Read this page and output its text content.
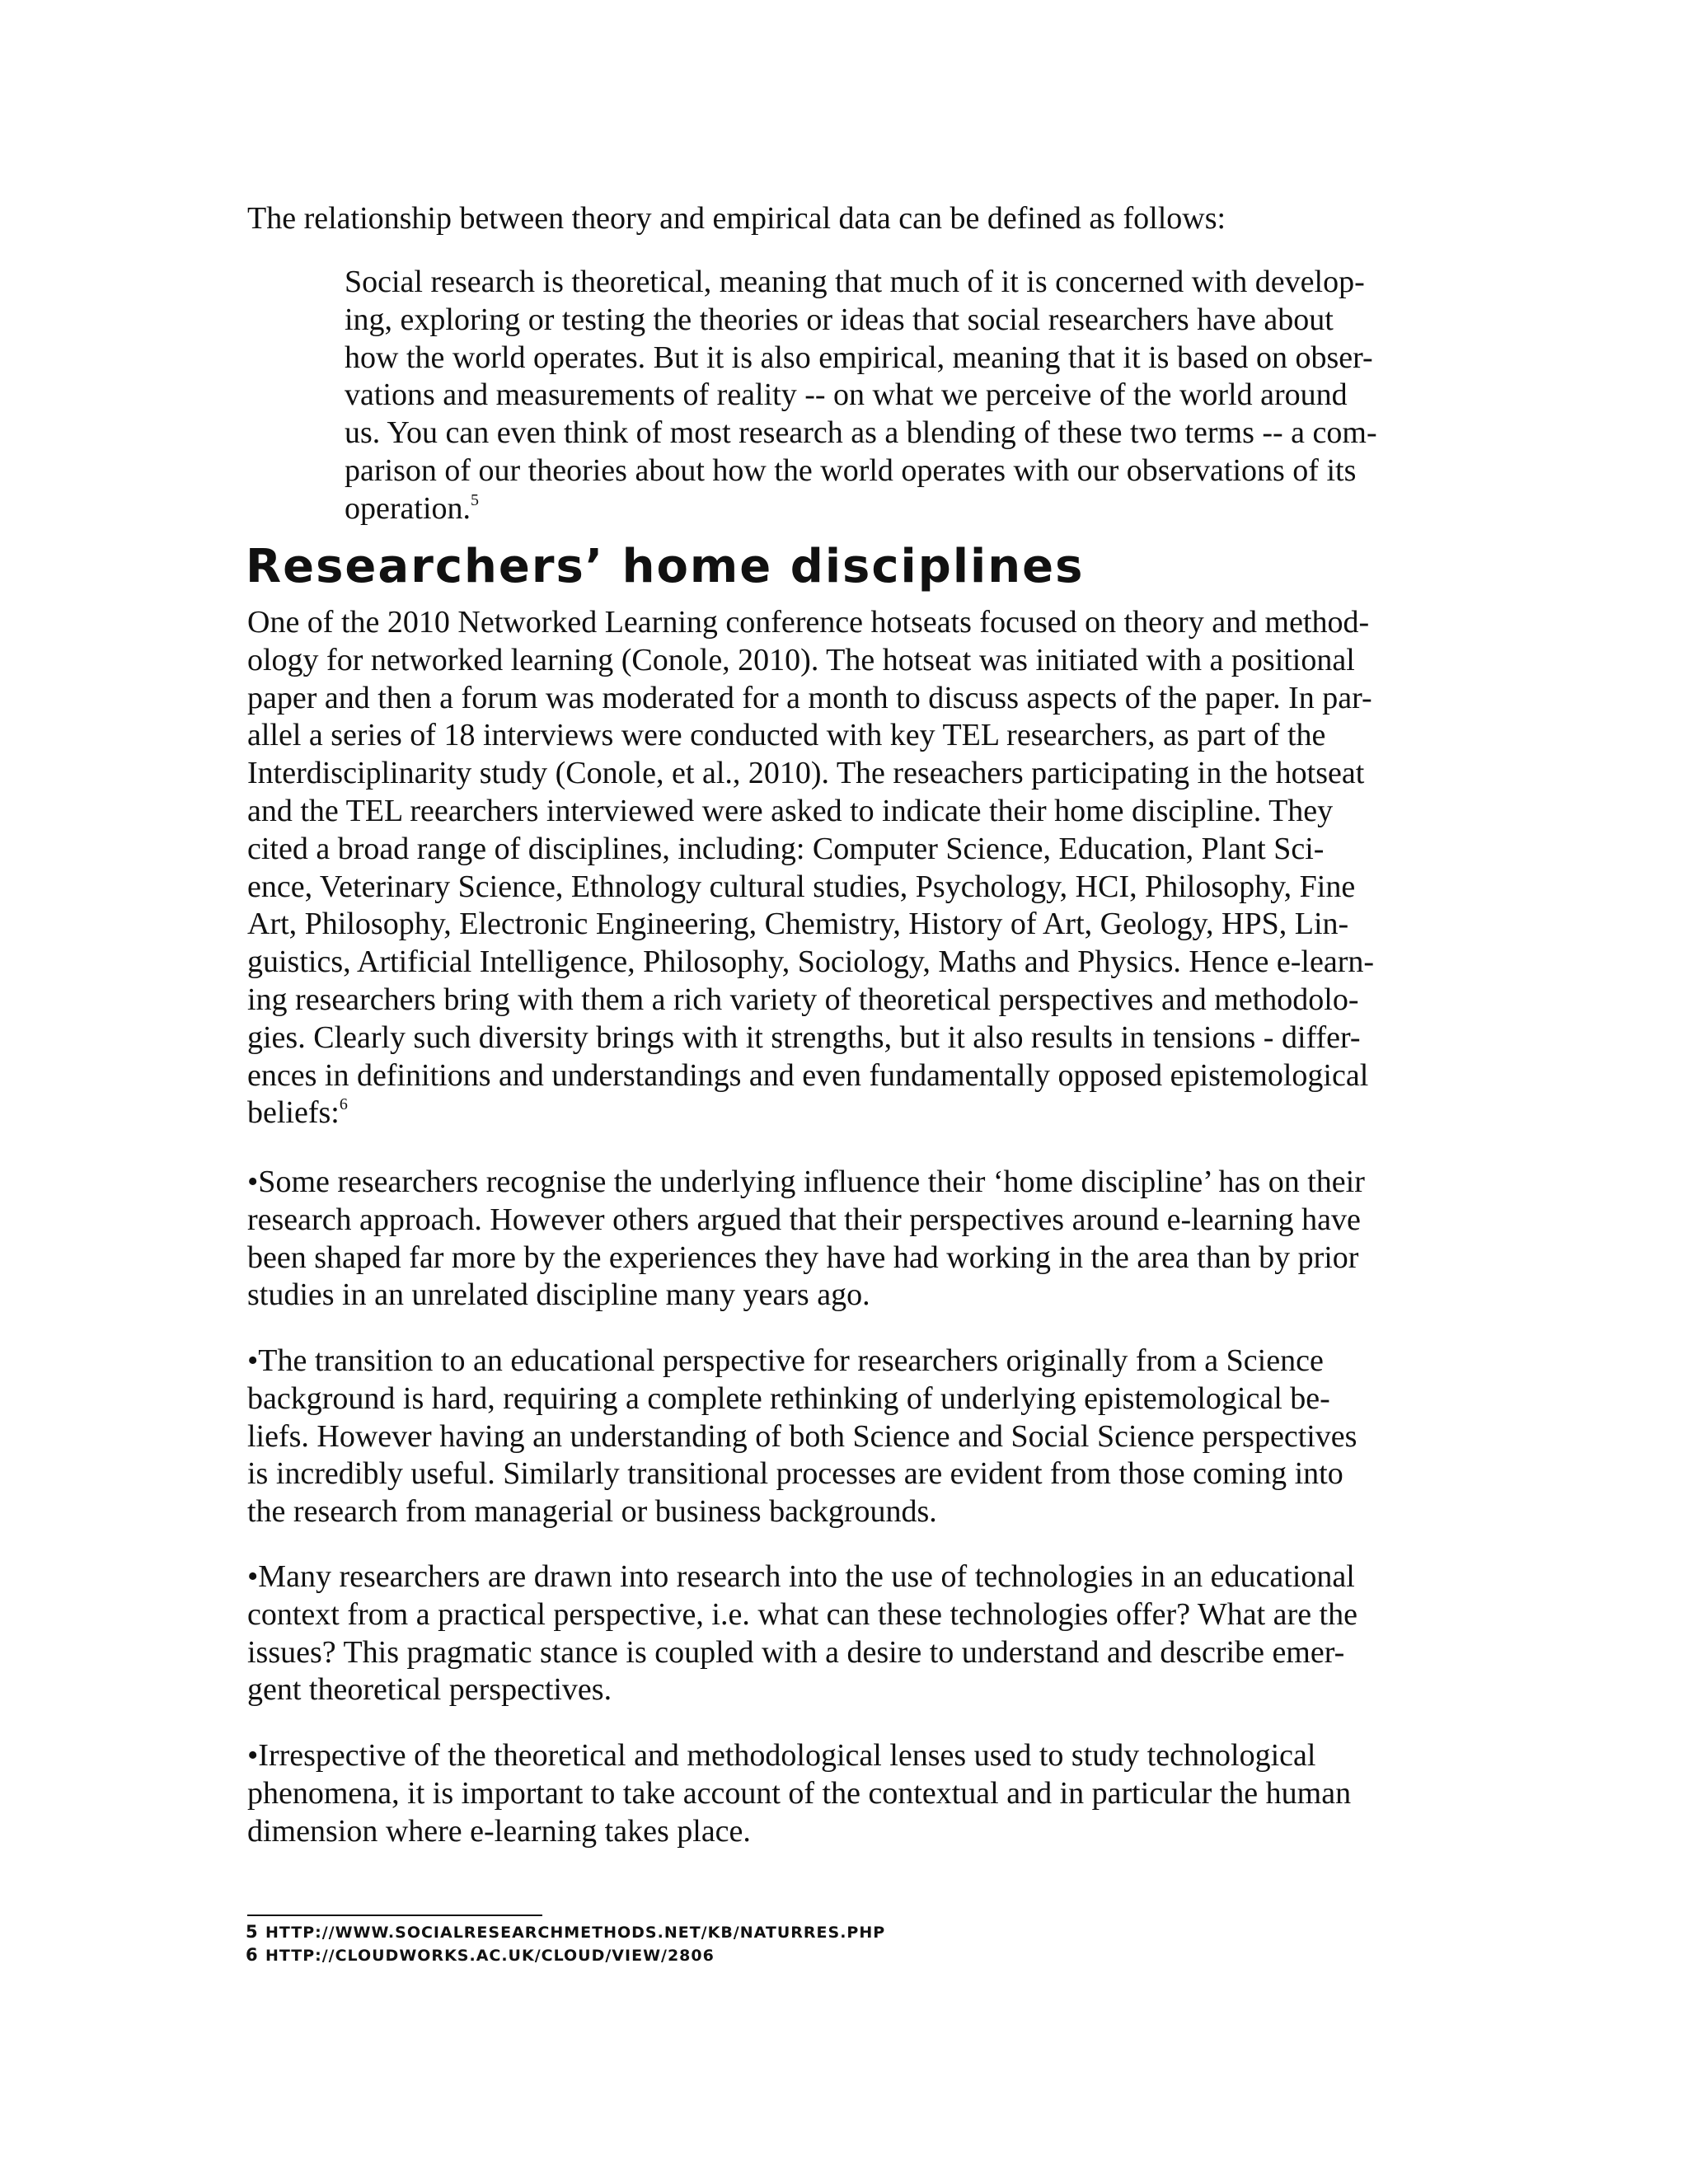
The relationship between theory and empirical data can be defined as follows:
Social research is theoretical, meaning that much of it is concerned with develop-
ing, exploring or testing the theories or ideas that social researchers have about
how the world operates. But it is also empirical, meaning that it is based on obser-
vations and measurements of reality -- on what we perceive of the world around
us. You can even think of most research as a blending of these two terms -- a com-
parison of our theories about how the world operates with our observations of its
operation.$^5$
Researchers’ home disciplines
One of the 2010 Networked Learning conference hotseats focused on theory and method-
ology for networked learning (Conole, 2010). The hotseat was initiated with a positional
paper and then a forum was moderated for a month to discuss aspects of the paper. In par-
allel a series of 18 interviews were conducted with key TEL researchers, as part of the
Interdisciplinarity study (Conole, et al., 2010). The reseachers participating in the hotseat
and the TEL reearchers interviewed were asked to indicate their home discipline. They
cited a broad range of disciplines, including: Computer Science, Education, Plant Sci-
ence, Veterinary Science, Ethnology cultural studies, Psychology, HCI, Philosophy, Fine
Art, Philosophy, Electronic Engineering, Chemistry, History of Art, Geology, HPS, Lin-
guistics, Artificial Intelligence, Philosophy, Sociology, Maths and Physics. Hence e-learn-
ing researchers bring with them a rich variety of theoretical perspectives and methodolo-
gies. Clearly such diversity brings with it strengths, but it also results in tensions - differ-
ences in definitions and understandings and even fundamentally opposed epistemological
beliefs:$^6$
•Some researchers recognise the underlying influence their ‘home discipline’ has on their
research approach. However others argued that their perspectives around e-learning have
been shaped far more by the experiences they have had working in the area than by prior
studies in an unrelated discipline many years ago.
•The transition to an educational perspective for researchers originally from a Science
background is hard, requiring a complete rethinking of underlying epistemological be-
liefs. However having an understanding of both Science and Social Science perspectives
is incredibly useful. Similarly transitional processes are evident from those coming into
the research from managerial or business backgrounds.
•Many researchers are drawn into research into the use of technologies in an educational
context from a practical perspective, i.e. what can these technologies offer? What are the
issues? This pragmatic stance is coupled with a desire to understand and describe emer-
gent theoretical perspectives.
•Irrespective of the theoretical and methodological lenses used to study technological
phenomena, it is important to take account of the contextual and in particular the human
dimension where e-learning takes place.
5 HTTP://WWW.SOCIALRESEARCHMETHODS.NET/KB/NATURRES.PHP
6 HTTP://CLOUDWORKS.AC.UK/CLOUD/VIEW/2806
